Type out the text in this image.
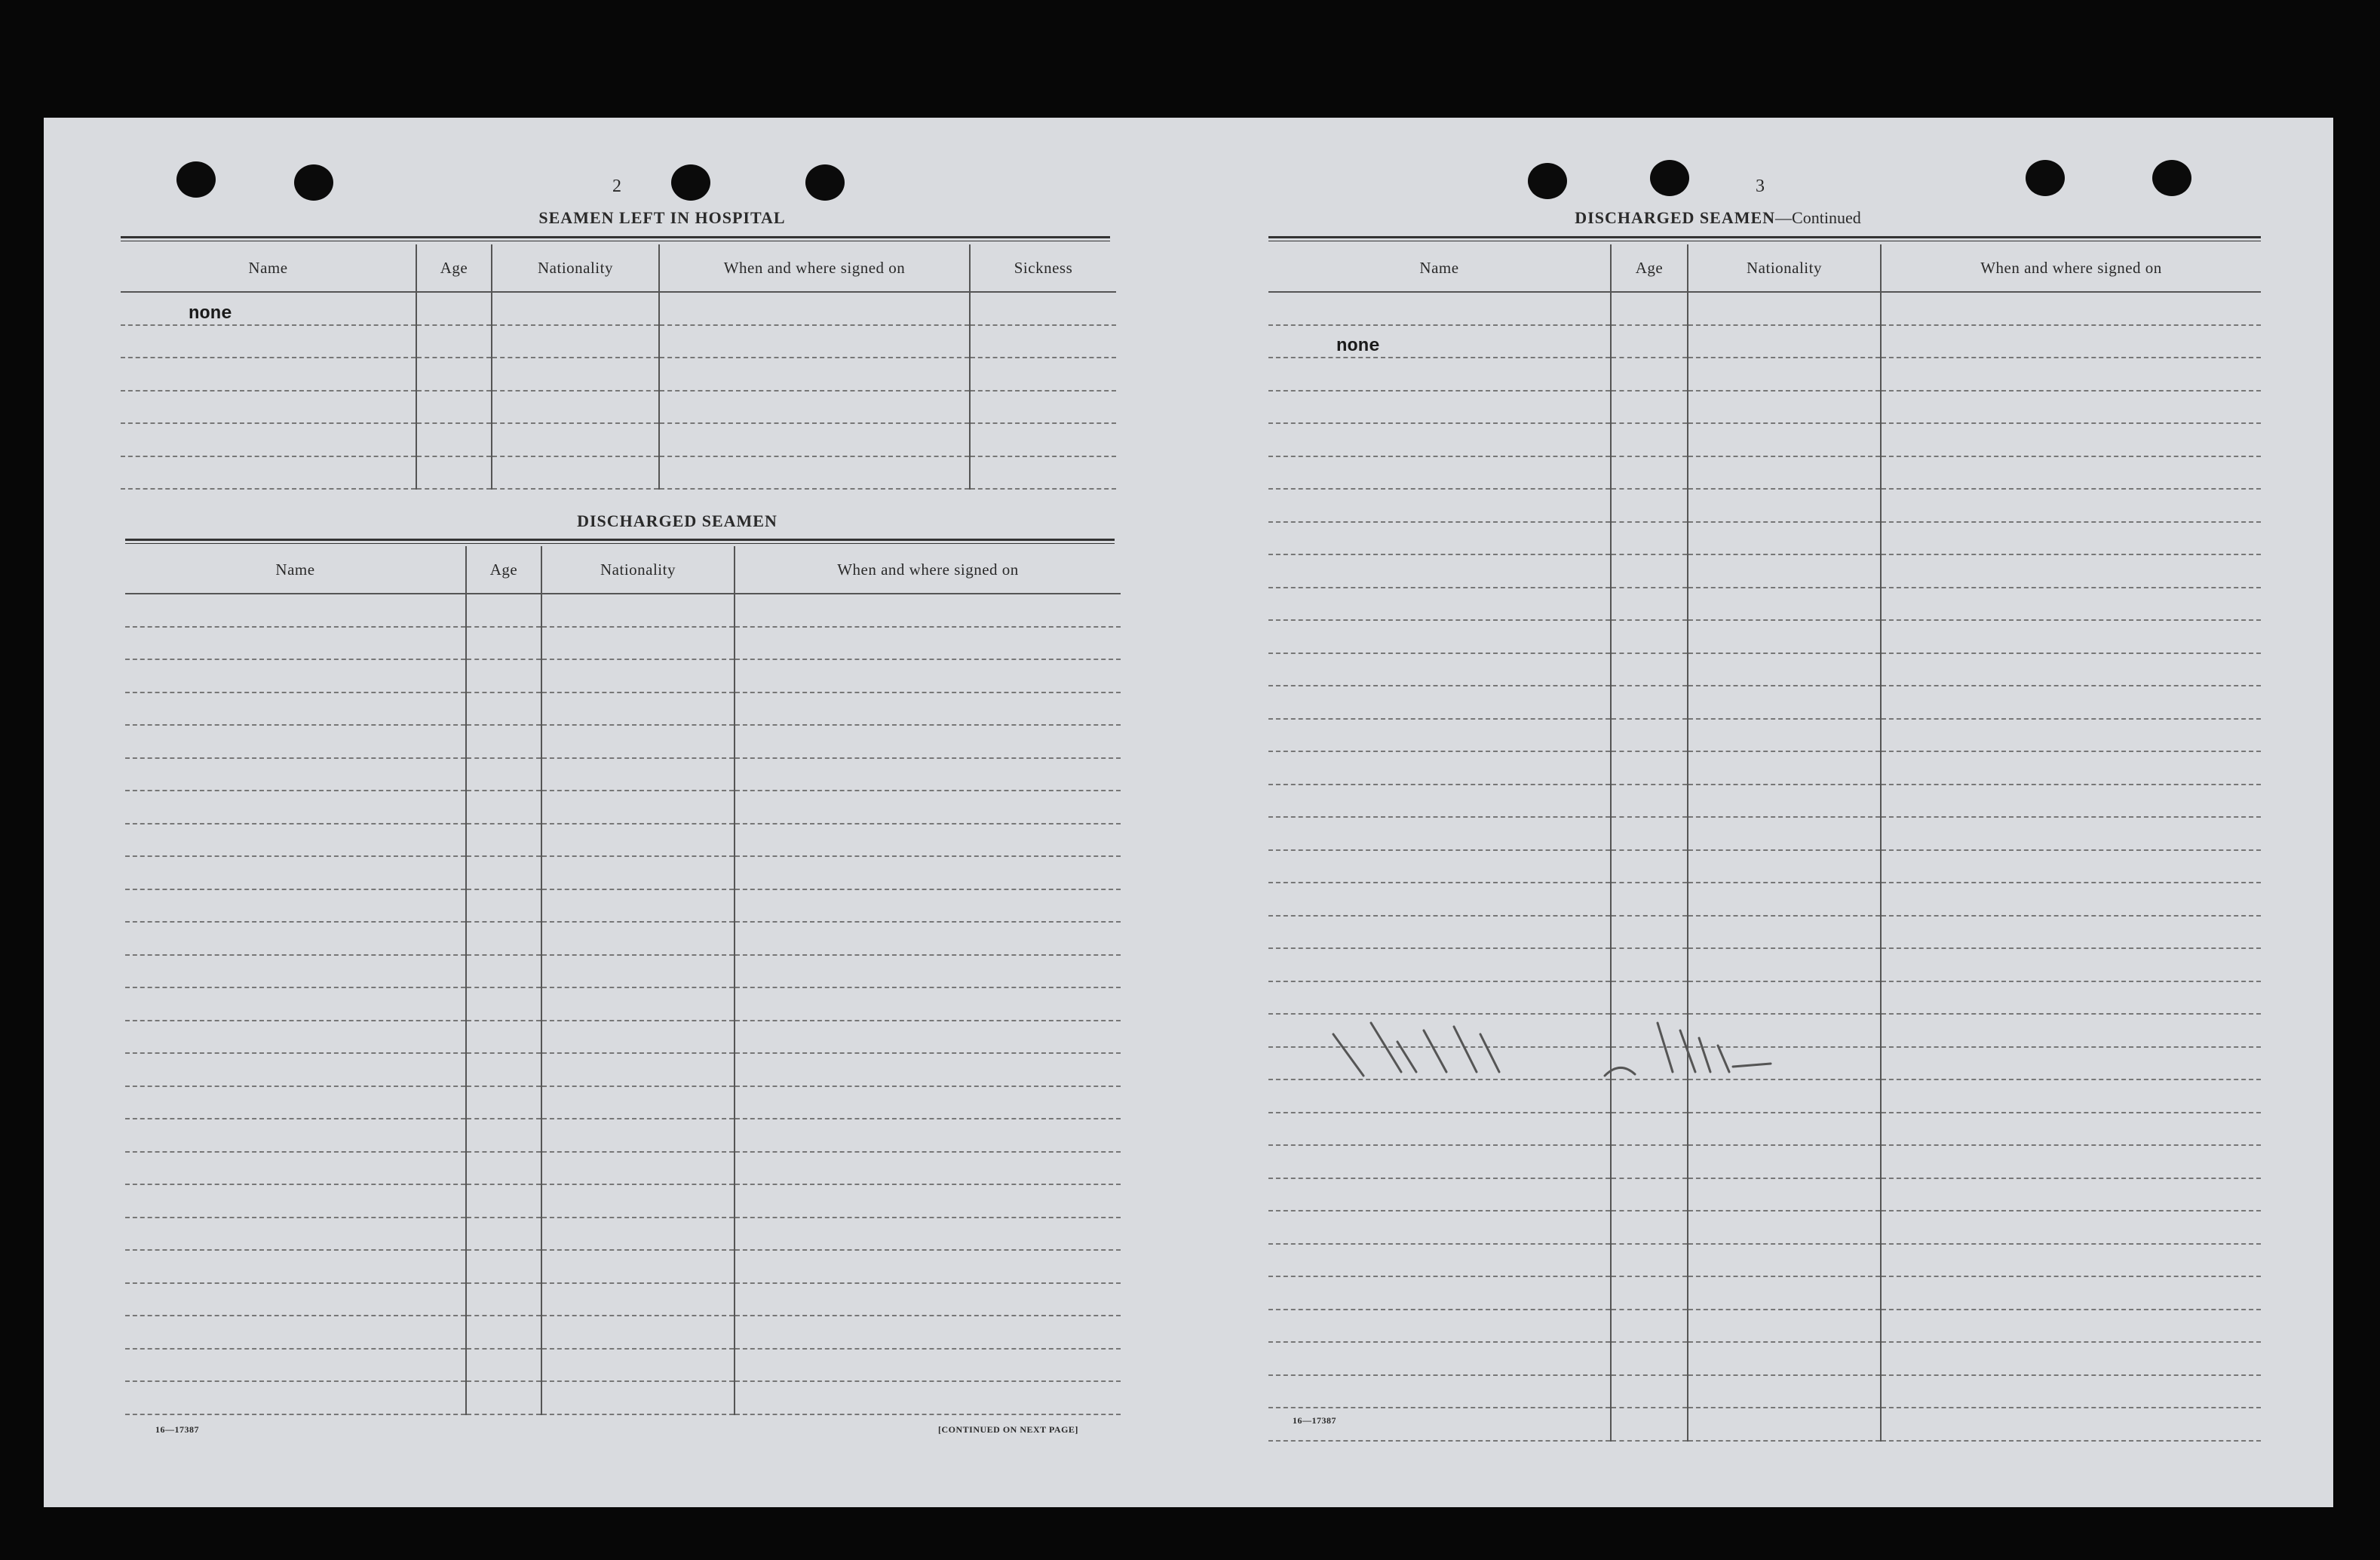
2
SEAMEN LEFT IN HOSPITAL
Name	Age	Nationality	When and where signed on	Sickness
none				

DISCHARGED SEAMEN
Name	Age	Nationality	When and where signed on

16—17387	[CONTINUED ON NEXT PAGE]
3
DISCHARGED SEAMEN—Continued
Name	Age	Nationality	When and where signed on

none			

16—17387
